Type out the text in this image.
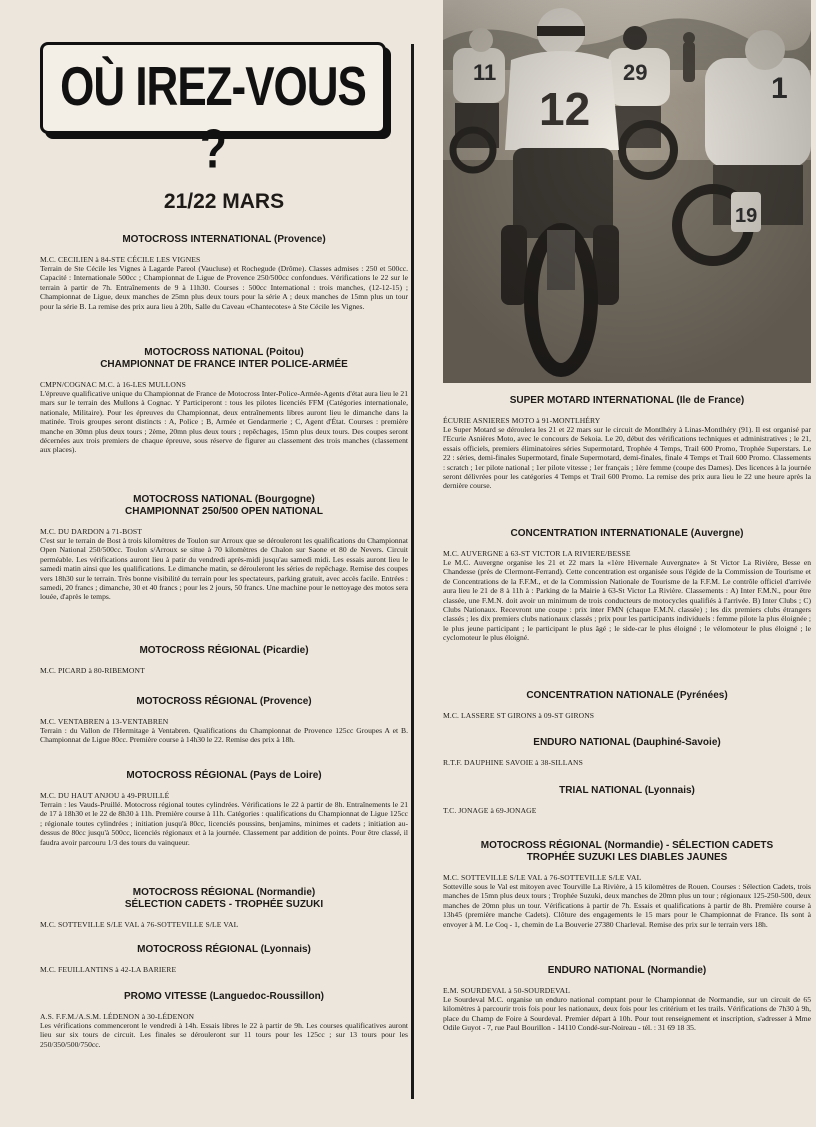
OÙ IREZ-VOUS ?
21/22 MARS
MOTOCROSS INTERNATIONAL (Provence)
M.C. CECILIEN à 84-STE CÉCILE LES VIGNES
Terrain de Ste Cécile les Vignes à Lagarde Pareol (Vaucluse) et Rochegude (Drôme). Classes admises : 250 et 500cc. Capacité : Internationale 500cc ; Championnat de Ligue de Provence 250/500cc confondues. Vérifications le 22 sur le terrain à partir de 7h. Entraînements de 9 à 11h30. Courses : 500cc International : trois manches, (12-12-15) ; Championnat de Ligue, deux manches de 25mn plus deux tours pour la série A ; deux manches de 15mn plus un tour pour la série B. La remise des prix aura lieu à 20h, Salle du Caveau «Chantecotes» à Ste Cécile les Vignes.
MOTOCROSS NATIONAL (Poitou)
CHAMPIONNAT DE FRANCE INTER POLICE-ARMÉE
CMPN/COGNAC M.C. à 16-LES MULLONS
L'épreuve qualificative unique du Championnat de France de Motocross Inter-Police-Armée-Agents d'état aura lieu le 21 mars sur le terrain des Mullons à Cognac. Y Participeront : tous les pilotes licenciés FFM (Catégories internationale, nationale, Militaire). Pour les épreuves du Championnat, deux entraînements libres auront lieu le dimanche dans la matinée. Trois groupes seront distincts : A, Police ; B, Armée et Gendarmerie ; C, Agent d'État. Courses : première manche en 30mn plus deux tours ; 2ème, 20mn plus deux tours ; repêchages, 15mn plus deux tours. Des coupes seront décernées aux trois premiers de chaque épreuve, sous réserve de figurer au classement des trois manches (classement aux places).
MOTOCROSS NATIONAL (Bourgogne)
CHAMPIONNAT 250/500 OPEN NATIONAL
M.C. DU DARDON à 71-BOST
C'est sur le terrain de Bost à trois kilomètres de Toulon sur Arroux que se dérouleront les qualifications du Championnat Open National 250/500cc. Toulon s/Arroux se situe à 70 kilomètres de Chalon sur Saone et 80 de Nevers. Circuit perméable. Les vérifications auront lieu à patir du vendredi après-midi jusqu'au samedi midi. Les essais auront lieu le samedi matin ainsi que les qualifications. Le dimanche matin, se dérouleront les séries de repêchage. Remise des coupes vers 18h30 sur le terrain. Très bonne visibilité du terrain pour les spectateurs, parking gratuit, avec accès facile. Entrées : samedi, 20 francs ; dimanche, 30 et 40 francs ; pour les 2 jours, 50 francs. Une machine pour le nettoyage des motos sera louée, d'après le temps.
MOTOCROSS RÉGIONAL (Picardie)
M.C. PICARD à 80-RIBEMONT
MOTOCROSS RÉGIONAL (Provence)
M.C. VENTABREN à 13-VENTABREN
Terrain : du Vallon de l'Hermitage à Ventabren. Qualifications du Championnat de Provence 125cc Groupes A et B. Championnat de Ligue 80cc. Première course à 14h30 le 22. Remise des prix à 18h.
MOTOCROSS RÉGIONAL (Pays de Loire)
M.C. DU HAUT ANJOU à 49-PRUILLÉ
Terrain : les Vauds-Pruillé. Motocross régional toutes cylindrées. Vérifications le 22 à partir de 8h. Entraînements le 21 de 17 à 18h30 et le 22 de 8h30 à 11h. Première course à 11h. Catégories : qualifications du Championnat de Ligue 125cc ; régionale toutes cylindrées ; initiation jusqu'à 80cc, licenciés poussins, benjamins, minimes et cadets ; initiation au-dessus de 80cc jusqu'à 500cc, licenciés régionaux et à la journée. Classement par addition de points. Pour être classé, il faudra avoir parcouru 1/3 des tours du vainqueur.
MOTOCROSS RÉGIONAL (Normandie)
SÉLECTION CADETS - TROPHÉE SUZUKI
M.C. SOTTEVILLE S/LE VAL à 76-SOTTEVILLE S/LE VAL
MOTOCROSS RÉGIONAL (Lyonnais)
M.C. FEUILLANTINS à 42-LA BARIERE
PROMO VITESSE (Languedoc-Roussillon)
A.S. F.F.M./A.S.M. LÉDENON à 30-LÉDENON
Les vérifications commenceront le vendredi à 14h. Essais libres le 22 à partir de 9h. Les courses qualificatives auront lieu sur six tours de circuit. Les finales se dérouleront sur 11 tours pour les 125cc ; sur 13 tours pour les 250/350/500/750cc.
SUPER MOTARD INTERNATIONAL (Ile de France)
ÉCURIE ASNIERES MOTO à 91-MONTLHÉRY
Le Super Motard se déroulera les 21 et 22 mars sur le circuit de Montlhéry à Linas-Montlhéry (91). Il est organisé par l'Ecurie Asnières Moto, avec le concours de Sekoia. Le 20, début des vérifications techniques et administratives ; le 21, essais officiels, premiers éliminatoires séries Supermotard, Trophée 4 Temps, Trail 600 Promo, Trophée Superstars. Le 22 : séries, demi-finales Supermotard, finale Supermotard, demi-finales, finale 4 Temps et Trail 600 Promo. Classements : scratch ; 1er pilote national ; 1er pilote vitesse ; 1er français ; 1ère femme (coupe des Dames). Des licences à la journée seront délivrées pour les catégories 4 Temps et Trail 600 Promo. La remise des prix aura lieu le 22 une heure après la dernière course.
CONCENTRATION INTERNATIONALE (Auvergne)
M.C. AUVERGNE à 63-ST VICTOR LA RIVIERE/BESSE
Le M.C. Auvergne organise les 21 et 22 mars la «1ère Hivernale Auvergnate» à St Victor La Rivière, Besse en Chandesse (près de Clermont-Ferrand). Cette concentration est organisée sous l'égide de la Commission de Tourisme et de Concentrations de la F.F.M., et de la Commission Nationale de Tourisme de la F.F.M. Le contrôle officiel d'arrivée aura lieu le 21 de 8 à 11h à : Parking de la Mairie à 63-St Victor La Rivière. Classements : A) Inter F.M.N., pour être classée, une F.M.N. doit avoir un minimum de trois conducteurs de motocycles qualifiés à l'arrivée. B) Inter Clubs ; C) Clubs Nationaux. Recevront une coupe : prix inter FMN (chaque F.M.N. classée) ; les dix premiers clubs étrangers classés ; les dix premiers clubs nationaux classés ; prix pour les participants individuels : femme pilote la plus éloignée ; le plus jeune participant ; le participant le plus âgé ; le side-car le plus éloigné ; le vélomoteur le plus éloigné ; le cyclomoteur le plus éloigné.
CONCENTRATION NATIONALE (Pyrénées)
M.C. LASSERE ST GIRONS à 09-ST GIRONS
ENDURO NATIONAL (Dauphiné-Savoie)
R.T.F. DAUPHINE SAVOIE à 38-SILLANS
TRIAL NATIONAL (Lyonnais)
T.C. JONAGE à 69-JONAGE
MOTOCROSS RÉGIONAL (Normandie) - SÉLECTION CADETS
TROPHÉE SUZUKI LES DIABLES JAUNES
M.C. SOTTEVILLE S/LE VAL à 76-SOTTEVILLE S/LE VAL
Sotteville sous le Val est mitoyen avec Tourville La Rivière, à 15 kilomètres de Rouen. Courses : Sélection Cadets, trois manches de 15mn plus deux tours ; Trophée Suzuki, deux manches de 20mn plus un tour ; régionaux 125-250-500, deux manches de 20mn plus un tour. Vérifications à partir de 7h. Essais et qualifications à partir de 8h. Première course à 13h45 (première manche Cadets). Clôture des engagements le 15 mars pour le Championnat de France. Ils sont à envoyer à M. Le Coq - 1, chemin de La Bouverie 27380 Charleval. Remise des prix sur le terrain vers 18h.
ENDURO NATIONAL (Normandie)
E.M. SOURDEVAL à 50-SOURDEVAL
Le Sourdeval M.C. organise un enduro national comptant pour le Championnat de Normandie, sur un circuit de 65 kilomètres à parcourir trois fois pour les nationaux, deux fois pour les critérium et les trails. Vérifications de 7h30 à 9h, place du Champ de Foire à Sourdeval. Premier départ à 10h. Pour tout renseignement et inscription, s'adresser à Mme Odile Guyot - 7, rue Paul Bourillon - 14110 Condé-sur-Noireau - tél. : 31 69 18 35.
